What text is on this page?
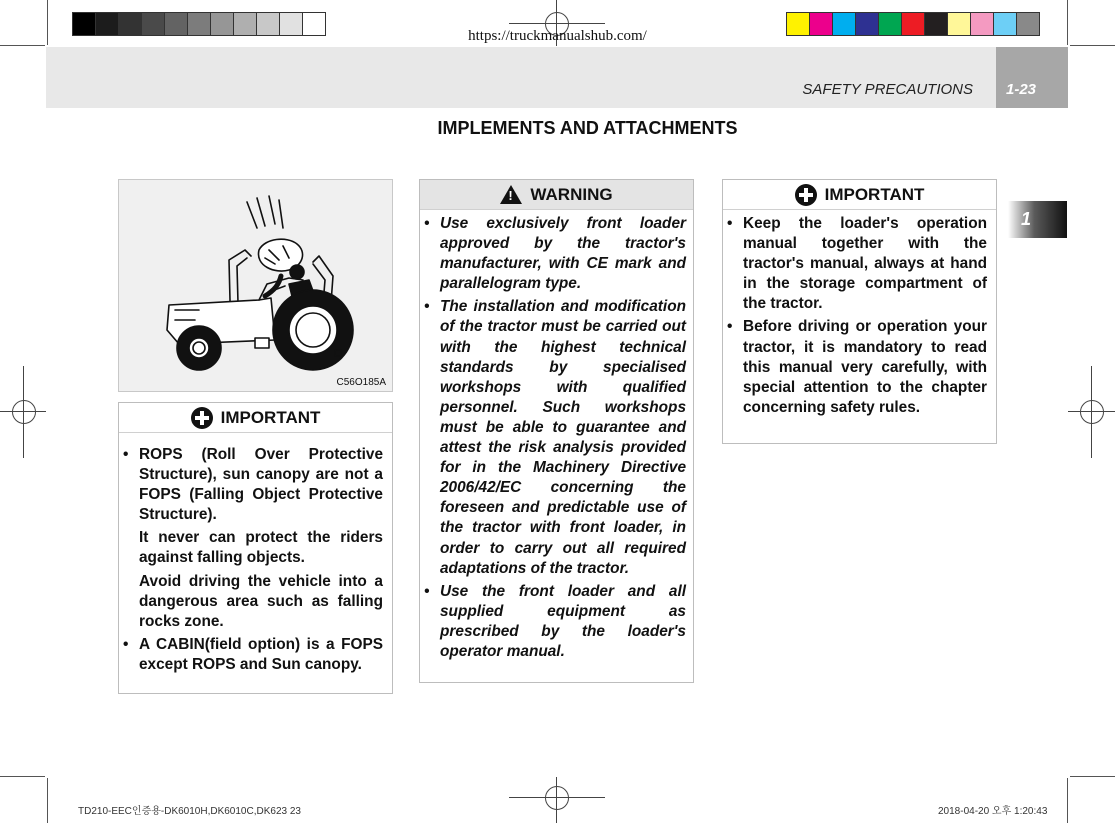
https://truckmanualshub.com/
SAFETY PRECAUTIONS 1-23
IMPLEMENTS AND ATTACHMENTS
1
C56O185A
IMPORTANT

• ROPS (Roll Over Protective Structure), sun canopy are not a FOPS (Falling Object Protective Structure).

It never can protect the riders against falling objects.

Avoid driving the vehicle into a dangerous area such as falling rocks zone.

• A CABIN(field option) is a FOPS except ROPS and Sun canopy.

!
WARNING
• Use exclusively front loader approved by the tractor's manufacturer, with CE mark and parallelogram type.
• The installation and modification of the tractor must be carried out with the highest technical standards by specialised workshops with qualified personnel. Such workshops must be able to guarantee and attest the risk analysis provided for in the Machinery Directive 2006/42/EC concerning the foreseen and predictable use of the tractor with front loader, in order to carry out all required adaptations of the tractor.
• Use the front loader and all supplied equipment as prescribed by the loader's operator manual.
IMPORTANT
• Keep the loader's operation manual together with the tractor's manual, always at hand in the storage compartment of the tractor.
• Before driving or operation your tractor, it is mandatory to read this manual very carefully, with special attention to the chapter concerning safety rules.
TD210-EEC인증용-DK6010H,DK6010C,DK623 23	2018-04-20 오후 1:20:43
